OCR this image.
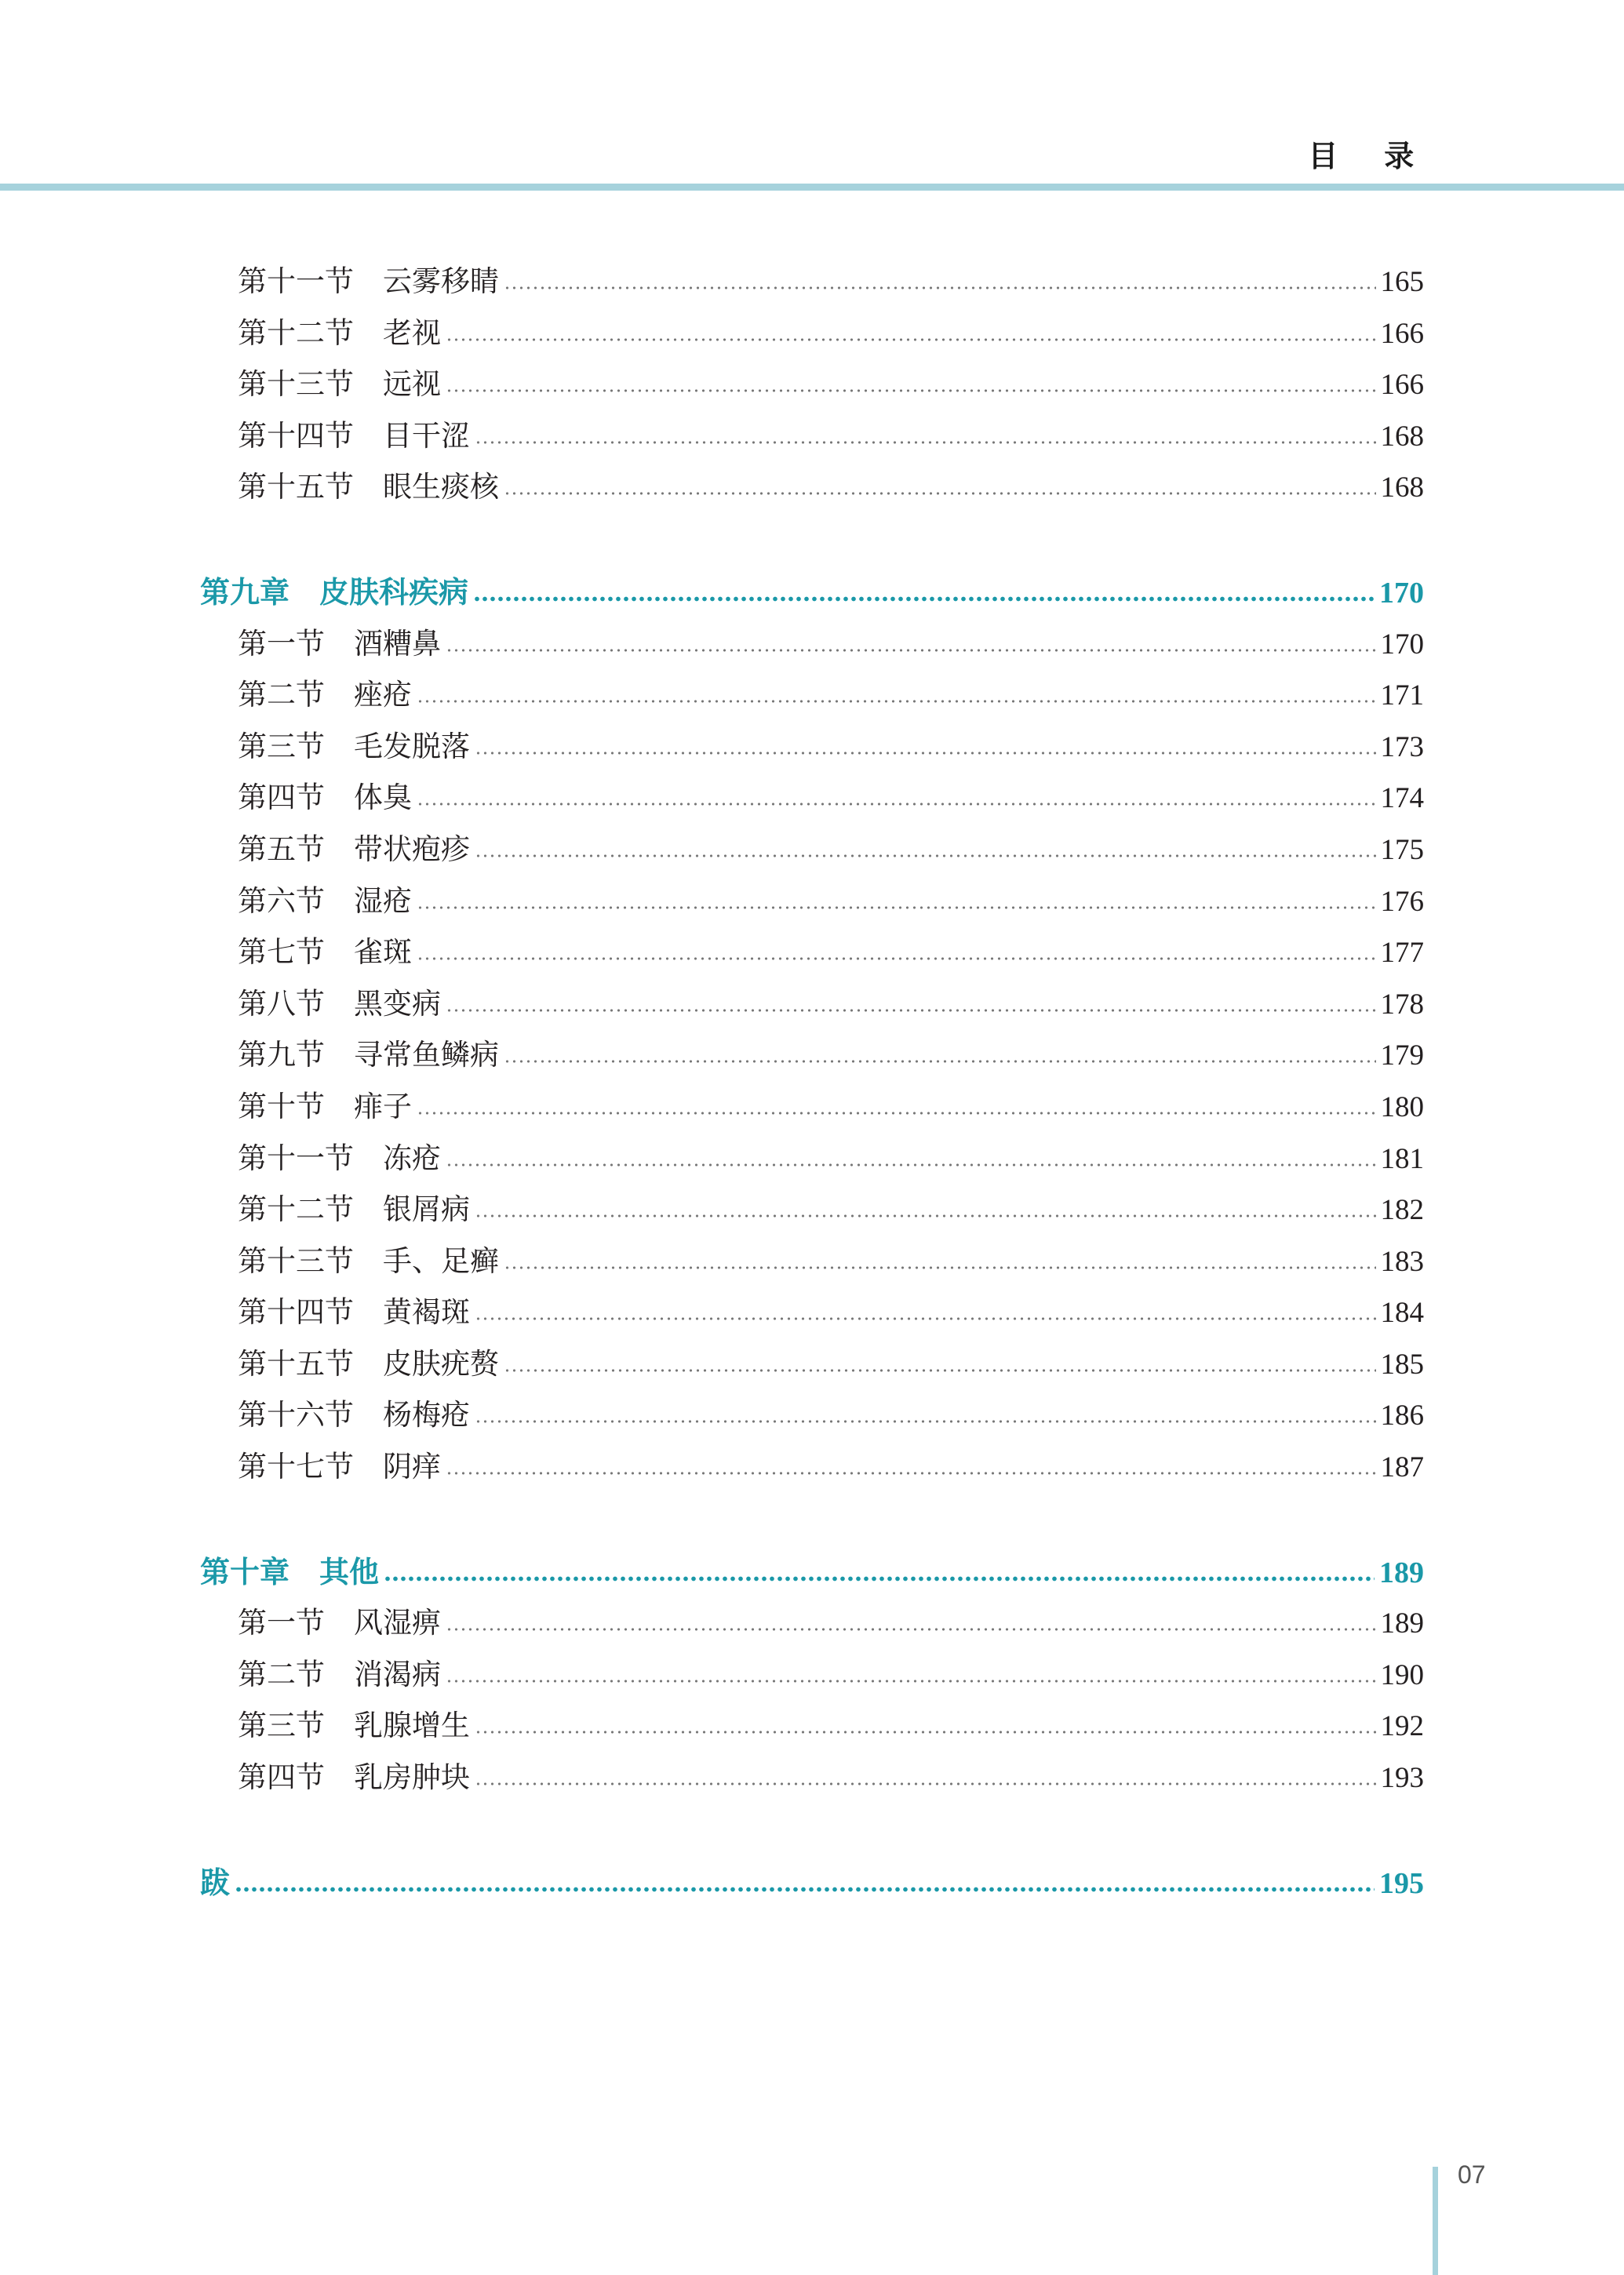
目 录
第十一节　云雾移睛	165
第十二节　老视	166
第十三节　远视	166
第十四节　目干涩	168
第十五节　眼生痰核	168
第九章　皮肤科疾病	170
第一节　酒糟鼻	170
第二节　痤疮	171
第三节　毛发脱落	173
第四节　体臭	174
第五节　带状疱疹	175
第六节　湿疮	176
第七节　雀斑	177
第八节　黑变病	178
第九节　寻常鱼鳞病	179
第十节　痱子	180
第十一节　冻疮	181
第十二节　银屑病	182
第十三节　手、足癣	183
第十四节　黄褐斑	184
第十五节　皮肤疣赘	185
第十六节　杨梅疮	186
第十七节　阴痒	187
第十章　其他	189
第一节　风湿痹	189
第二节　消渴病	190
第三节　乳腺增生	192
第四节　乳房肿块	193
跋	195
07
